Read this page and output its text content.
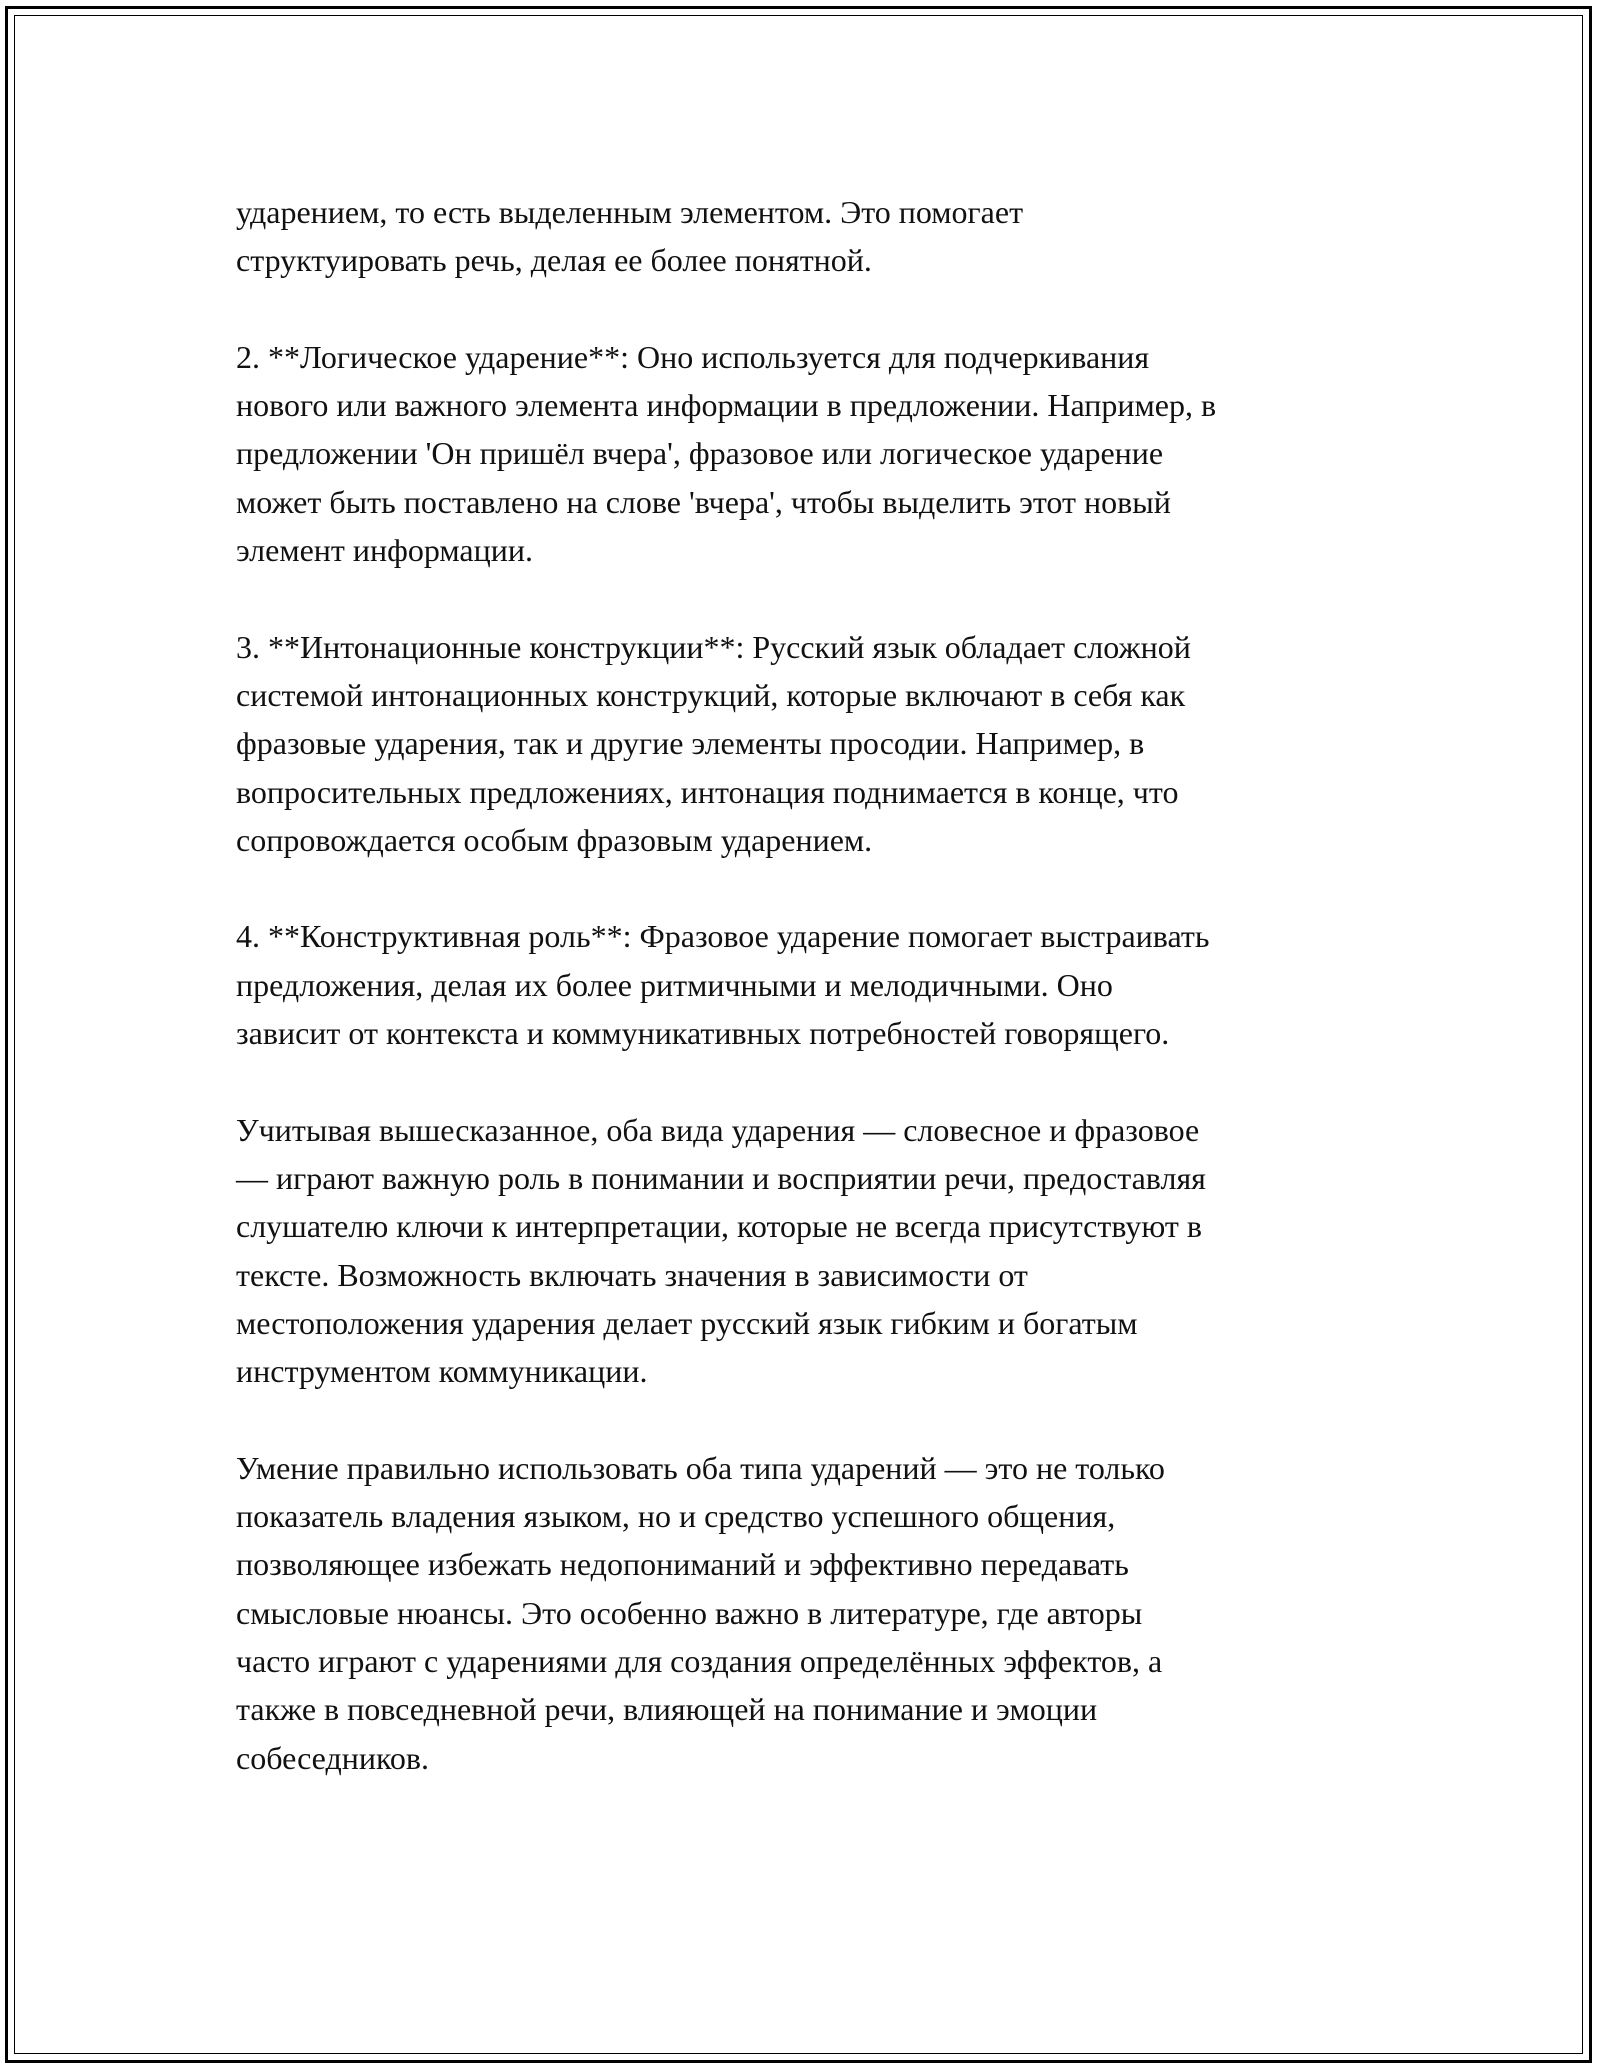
ударением, то есть выделенным элементом. Это помогает
структуировать речь, делая ее более понятной.

2. **Логическое ударение**: Оно используется для подчеркивания
нового или важного элемента информации в предложении. Например, в
предложении 'Он пришёл вчера', фразовое или логическое ударение
может быть поставлено на слове 'вчера', чтобы выделить этот новый
элемент информации.

3. **Интонационные конструкции**: Русский язык обладает сложной
системой интонационных конструкций, которые включают в себя как
фразовые ударения, так и другие элементы просодии. Например, в
вопросительных предложениях, интонация поднимается в конце, что
сопровождается особым фразовым ударением.

4. **Конструктивная роль**: Фразовое ударение помогает выстраивать
предложения, делая их более ритмичными и мелодичными. Оно
зависит от контекста и коммуникативных потребностей говорящего.

Учитывая вышесказанное, оба вида ударения — словесное и фразовое
— играют важную роль в понимании и восприятии речи, предоставляя
слушателю ключи к интерпретации, которые не всегда присутствуют в
тексте. Возможность включать значения в зависимости от
местоположения ударения делает русский язык гибким и богатым
инструментом коммуникации.

Умение правильно использовать оба типа ударений — это не только
показатель владения языком, но и средство успешного общения,
позволяющее избежать недопониманий и эффективно передавать
смысловые нюансы. Это особенно важно в литературе, где авторы
часто играют с ударениями для создания определённых эффектов, а
также в повседневной речи, влияющей на понимание и эмоции
собеседников.
